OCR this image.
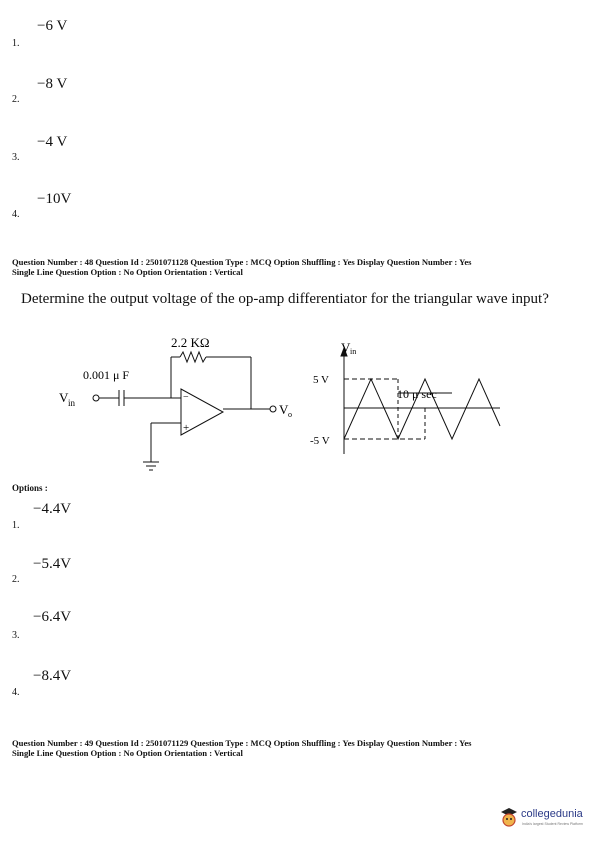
−6 V
1.
−8 V
2.
−4 V
3.
−10V
4.
Question Number : 48 Question Id : 2501071128 Question Type : MCQ Option Shuffling : Yes Display Question Number : Yes
Single Line Question Option : No Option Orientation : Vertical
Determine the output voltage of the op-amp differentiator for the triangular wave input?
2.2 KΩ
0.001 μ F
V in	V o
−
+
V in
5 V
-5 V
10 μ sec
Options :
−4.4V
1.
−5.4V
2.
−6.4V
3.
−8.4V
4.
Question Number : 49 Question Id : 2501071129 Question Type : MCQ Option Shuffling : Yes Display Question Number : Yes
Single Line Question Option : No Option Orientation : Vertical
collegedunia
India's largest Student Review Platform
